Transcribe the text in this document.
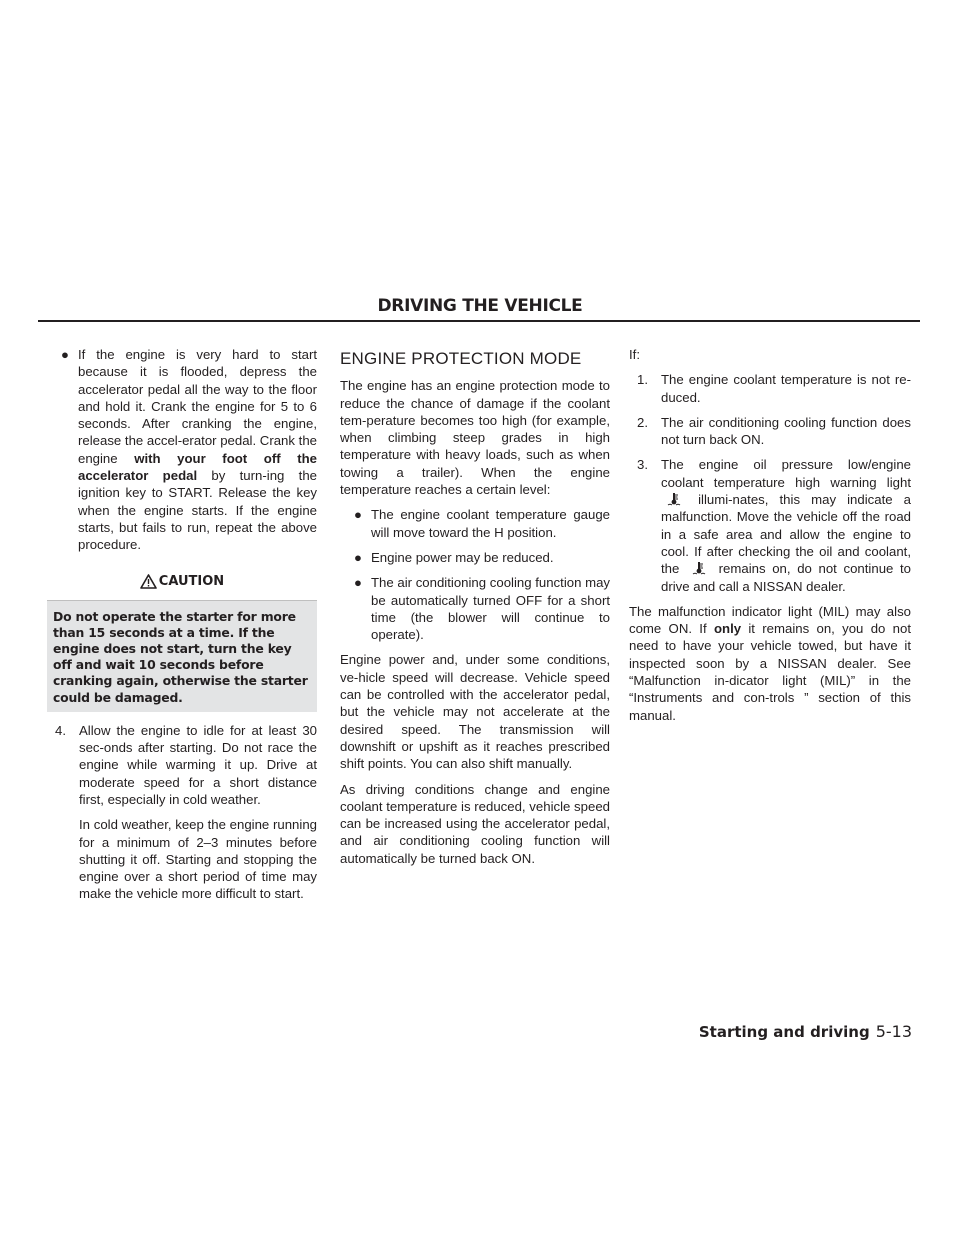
DRIVING THE VEHICLE
● If the engine is very hard to start because it is flooded, depress the accelerator pedal all the way to the floor and hold it. Crank the engine for 5 to 6 seconds. After cranking the engine, release the accel-erator pedal. Crank the engine with your foot off the accelerator pedal by turn-ing the ignition key to START. Release the key when the engine starts. If the engine starts, but fails to run, repeat the above procedure.
CAUTION
Do not operate the starter for more than 15 seconds at a time. If the engine does not start, turn the key off and wait 10 seconds before cranking again, otherwise the starter could be damaged.
4. Allow the engine to idle for at least 30 sec-onds after starting. Do not race the engine while warming it up. Drive at moderate speed for a short distance first, especially in cold weather.
In cold weather, keep the engine running for a minimum of 2–3 minutes before shutting it off. Starting and stopping the engine over a short period of time may make the vehicle more difficult to start.
ENGINE PROTECTION MODE

The engine has an engine protection mode to reduce the chance of damage if the coolant tem-perature becomes too high (for example, when climbing steep grades in high temperature with heavy loads, such as when towing a trailer). When the engine temperature reaches a certain level:

● The engine coolant temperature gauge will move toward the H position.
● Engine power may be reduced.
● The air conditioning cooling function may be automatically turned OFF for a short time (the blower will continue to operate).

Engine power and, under some conditions, ve-hicle speed will decrease. Vehicle speed can be controlled with the accelerator pedal, but the vehicle may not accelerate at the desired speed. The transmission will downshift or upshift as it reaches prescribed shift points. You can also shift manually.

As driving conditions change and engine coolant temperature is reduced, vehicle speed can be increased using the accelerator pedal, and air conditioning cooling function will automatically be turned back ON.

If:

1. The engine coolant temperature is not re-duced.
2. The air conditioning cooling function does not turn back ON.
3. The engine oil pressure low/engine coolant temperature high warning light  illumi-nates, this may indicate a malfunction. Move the vehicle off the road in a safe area and allow the engine to cool. If after checking the oil and coolant, the  remains on, do not continue to drive and call a NISSAN dealer.

The malfunction indicator light (MIL) may also come ON. If only it remains on, you do not need to have your vehicle towed, but have it inspected soon by a NISSAN dealer. See “Malfunction in-dicator light (MIL)” in the “Instruments and con-trols ” section of this manual.

Starting and driving 5-13
